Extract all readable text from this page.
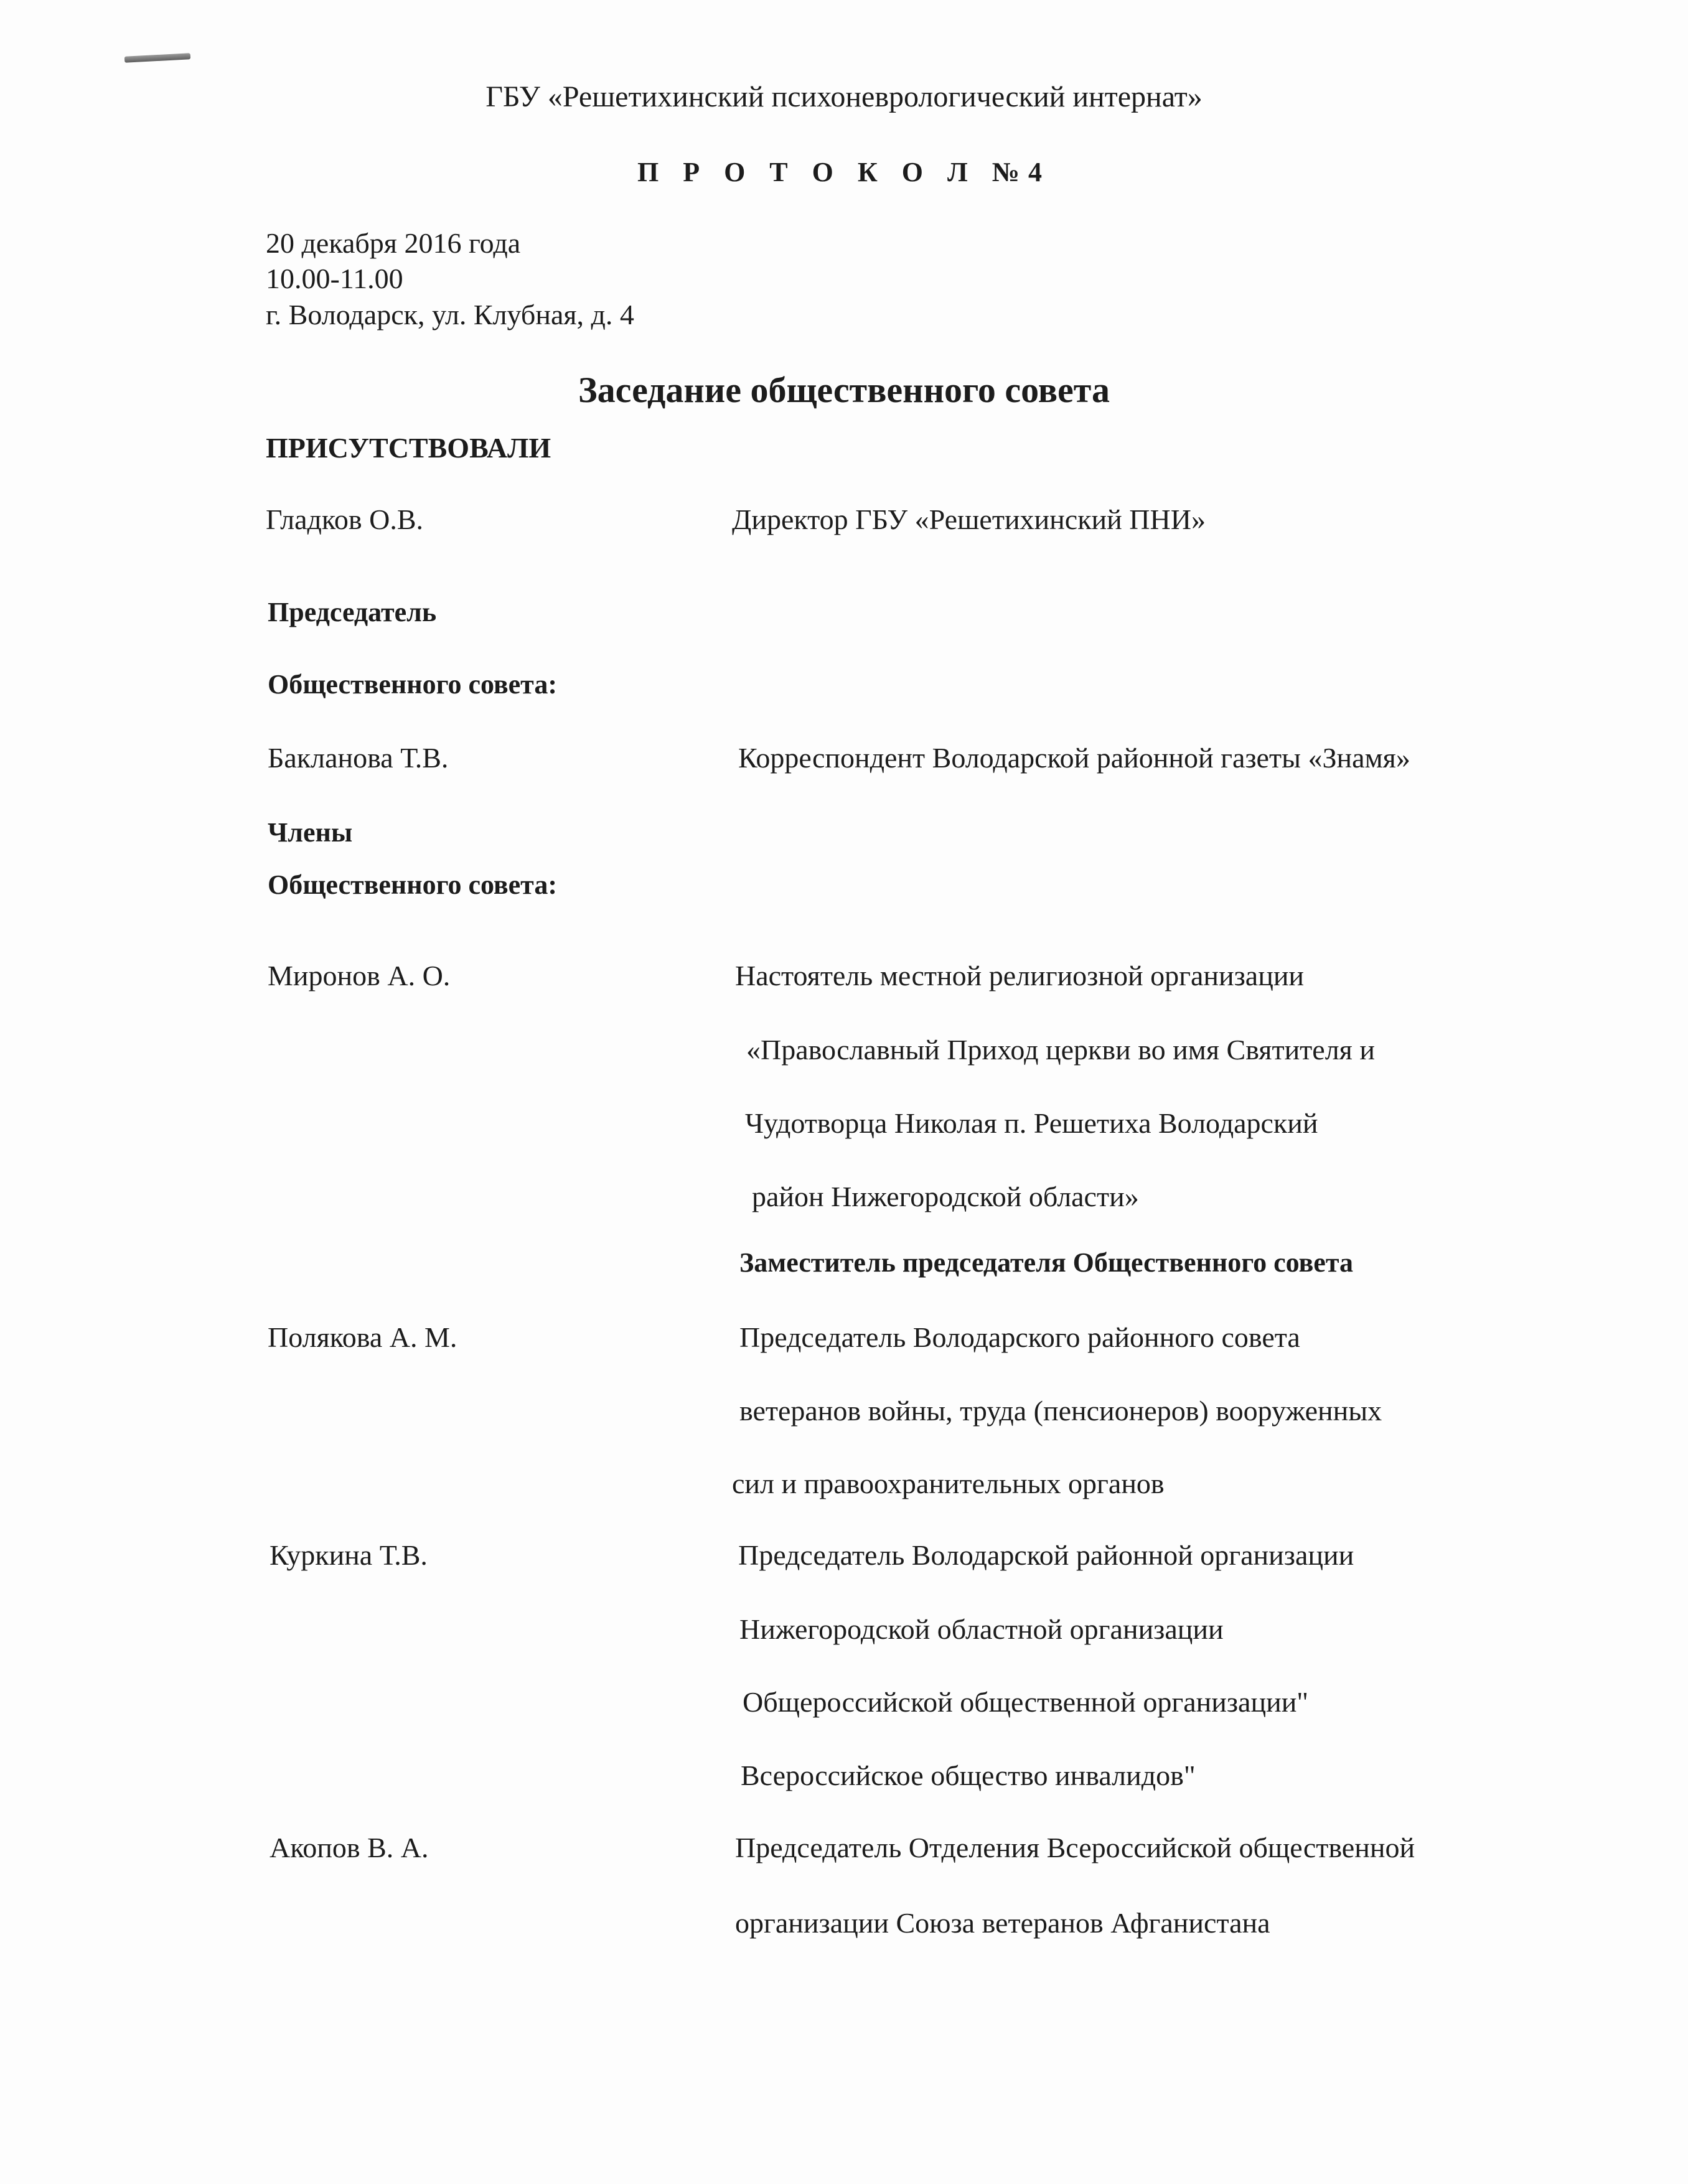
ГБУ «Решетихинский психоневрологический интернат»
П Р О Т О К О Л №4
20 декабря 2016 года
10.00-11.00
г. Володарск, ул. Клубная, д. 4
Заседание общественного совета
ПРИСУТСТВОВАЛИ
Гладков О.В.	Директор ГБУ «Решетихинский ПНИ»
Председатель
Общественного совета:
Бакланова Т.В.	Корреспондент Володарской районной газеты «Знамя»
Члены
Общественного совета:
Миронов А. О.	Настоятель местной религиозной организации
«Православный Приход церкви во имя Святителя и
Чудотворца Николая п. Решетиха Володарский
район Нижегородской области»
Заместитель председателя Общественного совета
Полякова А. М.	Председатель Володарского районного совета
ветеранов войны, труда (пенсионеров) вооруженных
сил и правоохранительных органов
Куркина Т.В.	Председатель Володарской районной организации
Нижегородской областной организации
Общероссийской общественной организации"
Всероссийское общество инвалидов"
Акопов В. А.	Председатель Отделения Всероссийской общественной
организации Союза ветеранов Афганистана
